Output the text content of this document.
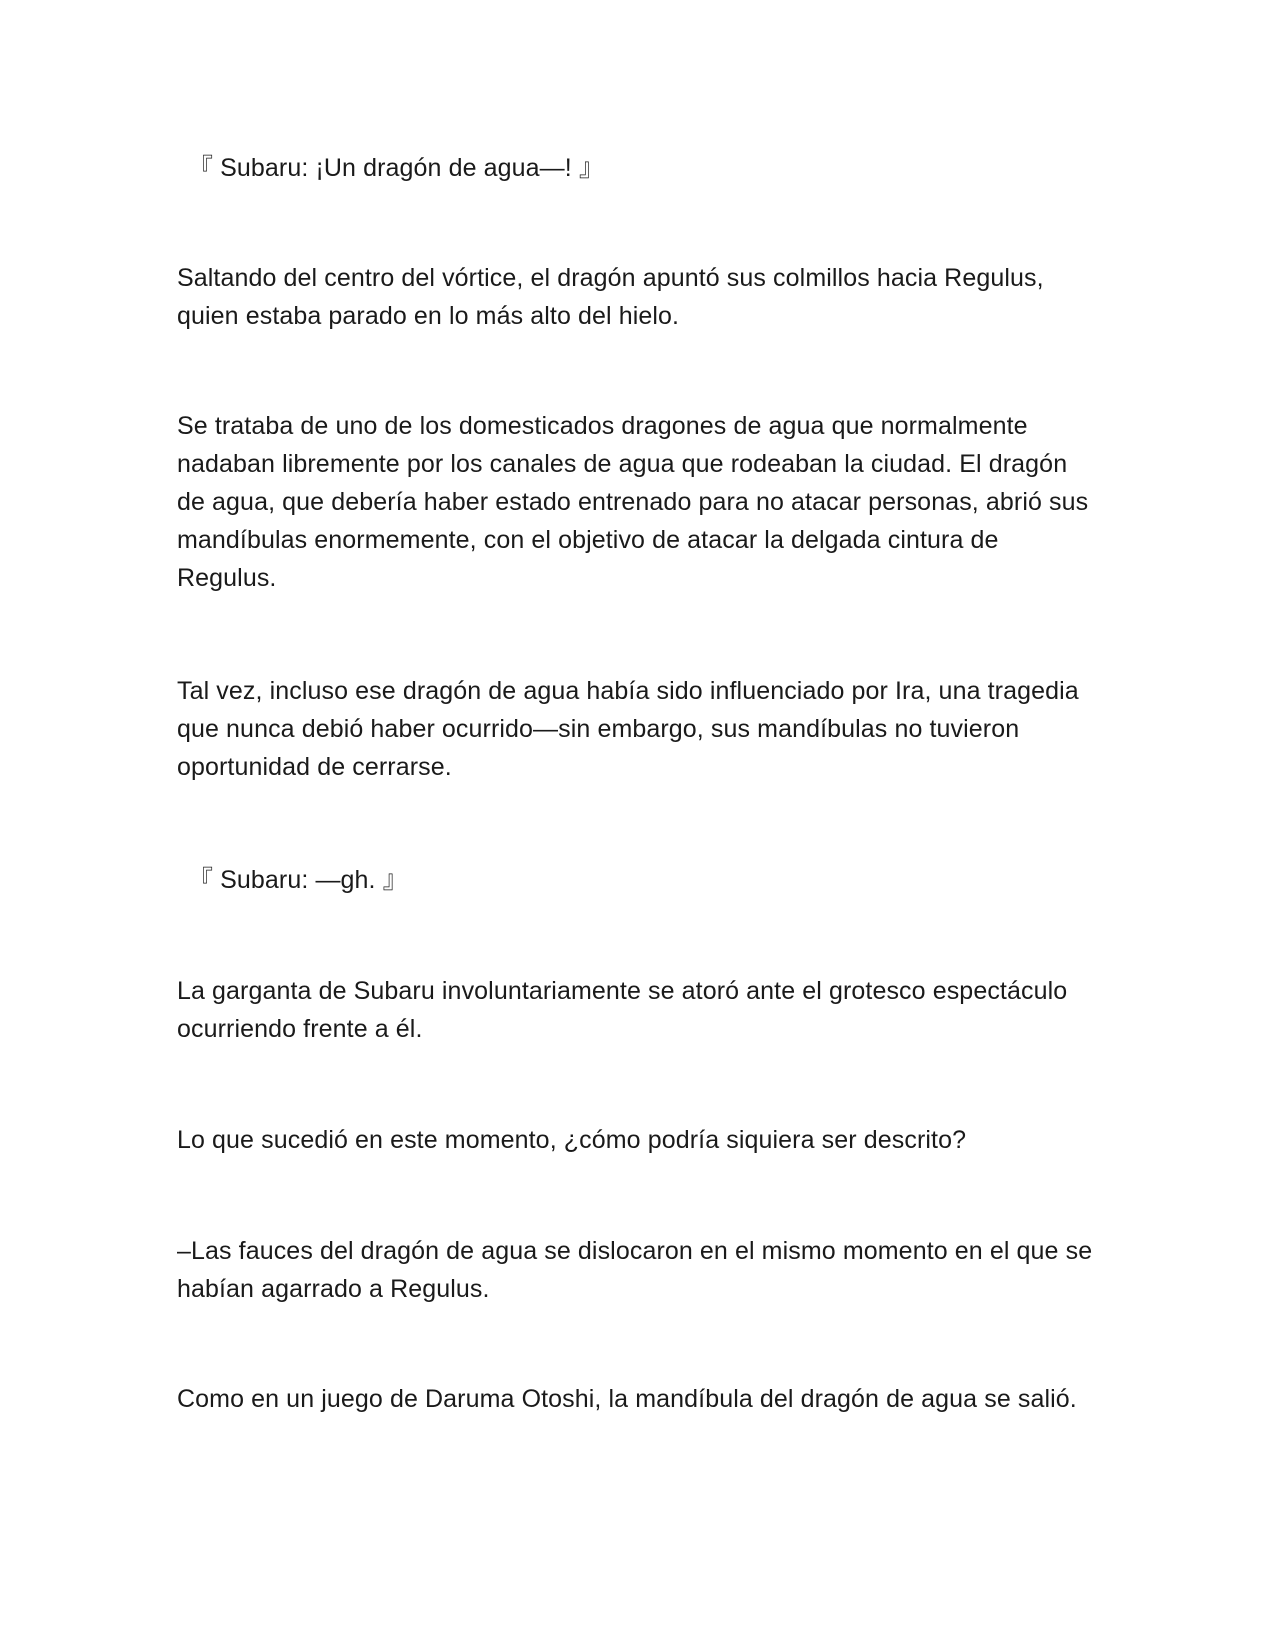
『 Subaru: ¡Un dragón de agua—! 』

Saltando del centro del vórtice, el dragón apuntó sus colmillos hacia Regulus, quien estaba parado en lo más alto del hielo.

Se trataba de uno de los domesticados dragones de agua que normalmente nadaban libremente por los canales de agua que rodeaban la ciudad. El dragón de agua, que debería haber estado entrenado para no atacar personas, abrió sus mandíbulas enormemente, con el objetivo de atacar la delgada cintura de Regulus.

Tal vez, incluso ese dragón de agua había sido influenciado por Ira, una tragedia que nunca debió haber ocurrido—sin embargo, sus mandíbulas no tuvieron oportunidad de cerrarse.

『 Subaru: —gh. 』

La garganta de Subaru involuntariamente se atoró ante el grotesco espectáculo ocurriendo frente a él.

Lo que sucedió en este momento, ¿cómo podría siquiera ser descrito?

–Las fauces del dragón de agua se dislocaron en el mismo momento en el que se habían agarrado a Regulus.

Como en un juego de Daruma Otoshi, la mandíbula del dragón de agua se salió.
